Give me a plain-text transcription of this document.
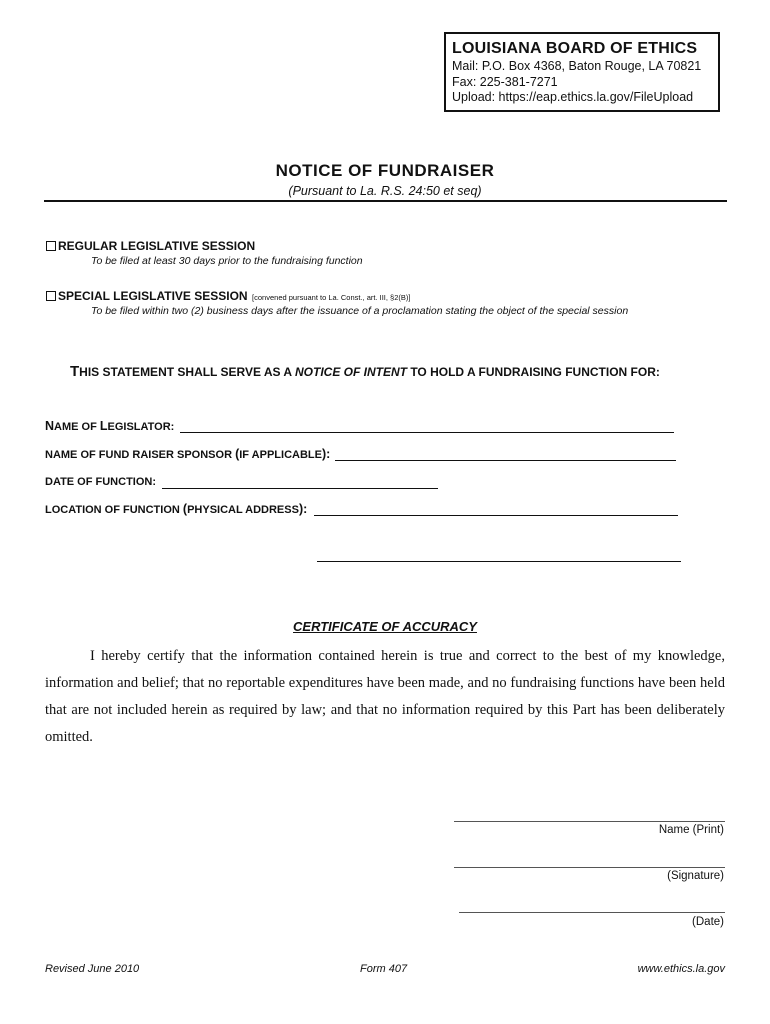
LOUISIANA BOARD OF ETHICS
Mail: P.O. Box 4368, Baton Rouge, LA 70821
Fax: 225-381-7271
Upload: https://eap.ethics.la.gov/FileUpload
NOTICE OF FUNDRAISER
(Pursuant to La. R.S. 24:50 et seq)
REGULAR LEGISLATIVE SESSION
To be filed at least 30 days prior to the fundraising function
SPECIAL LEGISLATIVE SESSION [convened pursuant to La. Const., art. III, §2(B)]
To be filed within two (2) business days after the issuance of a proclamation stating the object of the special session
THIS STATEMENT SHALL SERVE AS A NOTICE OF INTENT TO HOLD A FUNDRAISING FUNCTION FOR:
NAME OF LEGISLATOR:
NAME OF FUND RAISER SPONSOR (IF APPLICABLE):
DATE OF FUNCTION:
LOCATION OF FUNCTION (PHYSICAL ADDRESS):
CERTIFICATE OF ACCURACY
I hereby certify that the information contained herein is true and correct to the best of my knowledge, information and belief; that no reportable expenditures have been made, and no fundraising functions have been held that are not included herein as required by law; and that no information required by this Part has been deliberately omitted.
Name (Print)
(Signature)
(Date)
Revised June 2010	Form 407	www.ethics.la.gov
